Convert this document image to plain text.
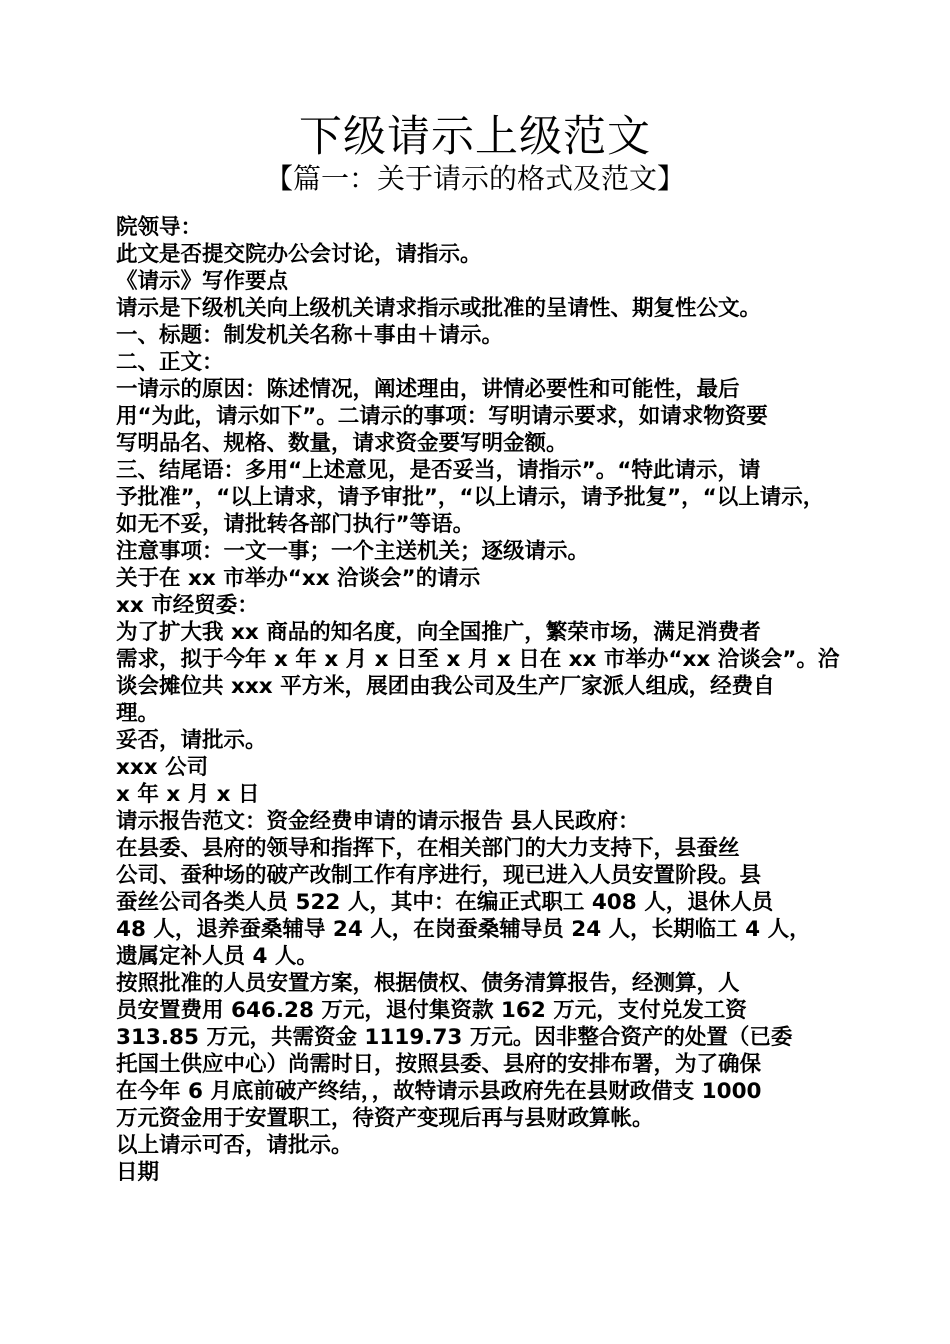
下级请示上级范文
【篇一：关于请示的格式及范文】
院领导：
此文是否提交院办公会讨论，请指示。
《请示》写作要点
请示是下级机关向上级机关请求指示或批准的呈请性、期复性公文。
一、标题：制发机关名称＋事由＋请示。
二、正文：
一请示的原因：陈述情况，阐述理由，讲情必要性和可能性，最后
用“为此，请示如下”。二请示的事项：写明请示要求，如请求物资要
写明品名、规格、数量，请求资金要写明金额。
三、结尾语：多用“上述意见，是否妥当，请指示”。“特此请示，请
予批准”，“以上请求，请予审批”，“以上请示，请予批复”，“以上请示，
如无不妥，请批转各部门执行”等语。
注意事项：一文一事；一个主送机关；逐级请示。
关于在 xx 市举办“xx 洽谈会”的请示
xx 市经贸委：
为了扩大我 xx 商品的知名度，向全国推广，繁荣市场，满足消费者
需求，拟于今年 x 年 x 月 x 日至 x 月 x 日在 xx 市举办“xx 洽谈会”。洽
谈会摊位共 xxx 平方米，展团由我公司及生产厂家派人组成，经费自
理。
妥否，请批示。
xxx 公司
x 年 x 月 x 日
请示报告范文：资金经费申请的请示报告 县人民政府：
在县委、县府的领导和指挥下，在相关部门的大力支持下，县蚕丝
公司、蚕种场的破产改制工作有序进行，现已进入人员安置阶段。县
蚕丝公司各类人员 522 人，其中：在编正式职工 408 人，退休人员
48 人，退养蚕桑辅导 24 人，在岗蚕桑辅导员 24 人，长期临工 4 人，
遗属定补人员 4 人。
按照批准的人员安置方案，根据债权、债务清算报告，经测算，人
员安置费用 646.28 万元，退付集资款 162 万元，支付兑发工资
313.85 万元，共需资金 1119.73 万元。因非整合资产的处置（已委
托国土供应中心）尚需时日，按照县委、县府的安排布署，为了确保
在今年 6 月底前破产终结，，故特请示县政府先在县财政借支 1000
万元资金用于安置职工，待资产变现后再与县财政算帐。
以上请示可否，请批示。
日期
